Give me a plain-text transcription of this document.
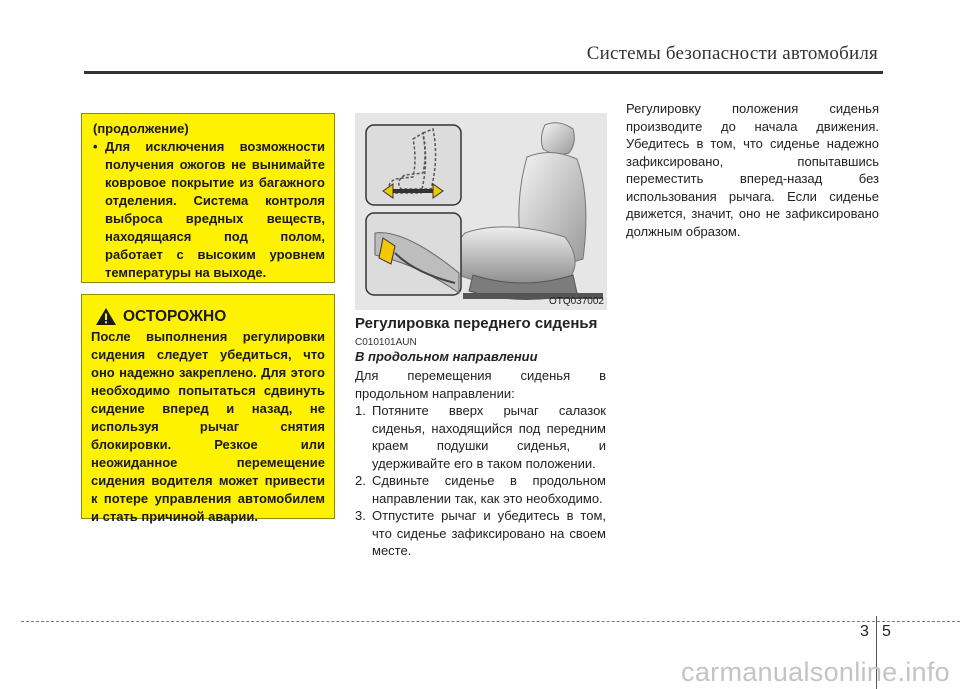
Системы безопасности автомобиля
(продолжение)
• Для исключения возможности получения ожогов не вынимайте ковровое покрытие из багажного отделения. Система контроля выброса вредных веществ, находящаяся под полом, работает с высоким уровнем температуры на выходе.
ОСТОРОЖНО
После выполнения регулировки сидения следует убедиться, что оно надежно закреплено. Для этого необходимо попытаться сдвинуть сидение вперед и назад, не используя рычаг снятия блокировки. Резкое или неожиданное перемещение сидения водителя может привести к потере управления автомобилем и стать причиной аварии.
OTQ037002
Регулировка переднего сиденья
C010101AUN
В продольном направлении
Для перемещения сиденья в продольном направлении:
1. Потяните вверх рычаг салазок сиденья, находящийся под передним краем подушки сиденья, и удерживайте его в таком положении.
2. Сдвиньте сиденье в продольном направлении так, как это необходимо.
3. Отпустите рычаг и убедитесь в том, что сиденье зафиксировано на своем месте.
Регулировку положения сиденья производите до начала движения. Убедитесь в том, что сиденье надежно зафиксировано, попытавшись переместить вперед-назад без использования рычага. Если сиденье движется, значит, оно не зафиксировано должным образом.
3 5
carmanualsonline.info
